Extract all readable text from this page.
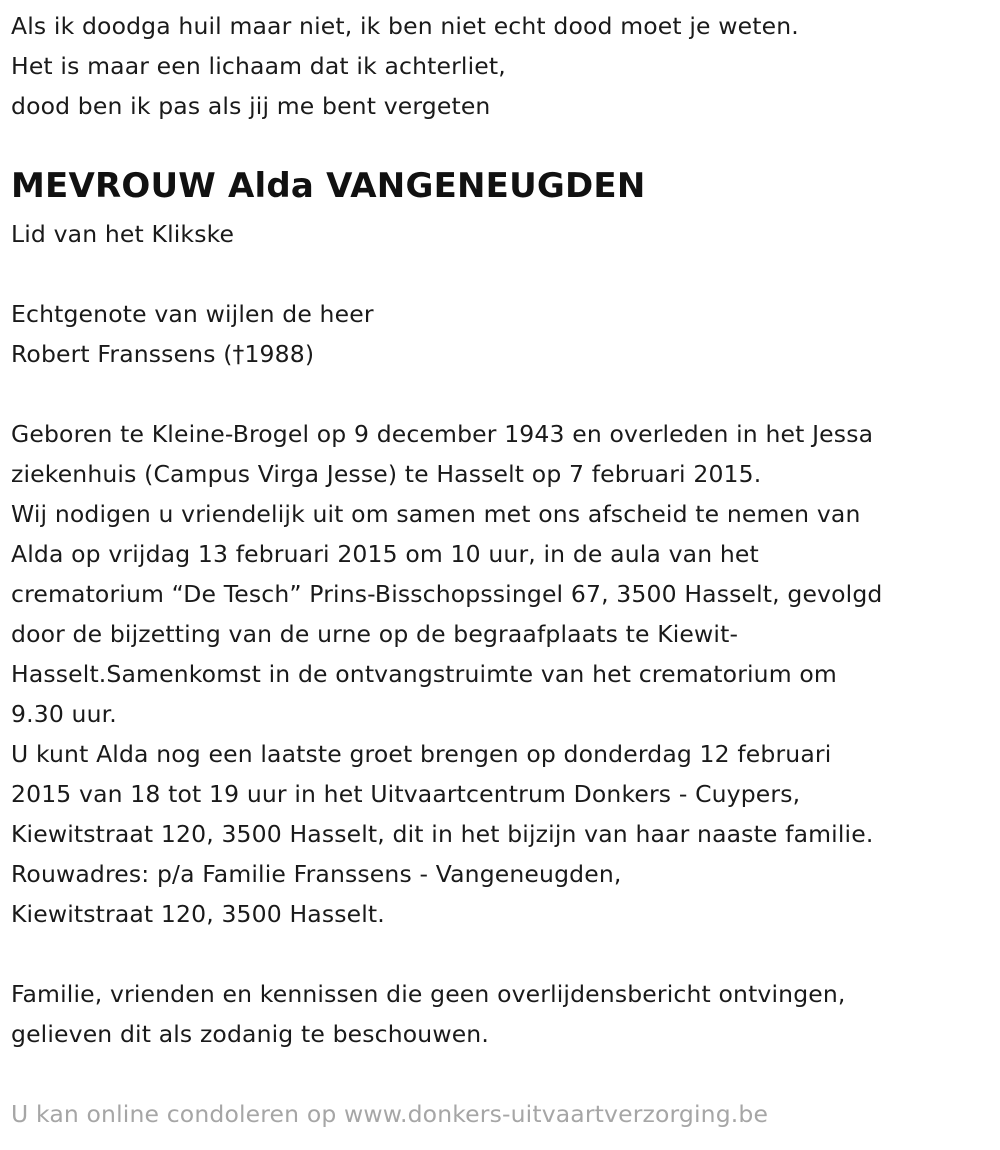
Als ik doodga huil maar niet, ik ben niet echt dood moet je weten.
Het is maar een lichaam dat ik achterliet,
dood ben ik pas als jij me bent vergeten
MEVROUW Alda VANGENEUGDEN
Lid van het Klikske
Echtgenote van wijlen de heer
Robert Franssens (†1988)
Geboren te Kleine-Brogel op 9 december 1943 en overleden in het Jessa
ziekenhuis (Campus Virga Jesse) te Hasselt op 7 februari 2015.
Wij nodigen u vriendelijk uit om samen met ons afscheid te nemen van
Alda op vrijdag 13 februari 2015 om 10 uur, in de aula van het
crematorium “De Tesch” Prins-Bisschopssingel 67, 3500 Hasselt, gevolgd
door de bijzetting van de urne op de begraafplaats te Kiewit-
Hasselt.Samenkomst in de ontvangstruimte van het crematorium om
9.30 uur.
U kunt Alda nog een laatste groet brengen op donderdag 12 februari
2015 van 18 tot 19 uur in het Uitvaartcentrum Donkers - Cuypers,
Kiewitstraat 120, 3500 Hasselt, dit in het bijzijn van haar naaste familie.
Rouwadres: p/a Familie Franssens - Vangeneugden,
Kiewitstraat 120, 3500 Hasselt.
Familie, vrienden en kennissen die geen overlijdensbericht ontvingen,
gelieven dit als zodanig te beschouwen.
U kan online condoleren op www.donkers-uitvaartverzorging.be
